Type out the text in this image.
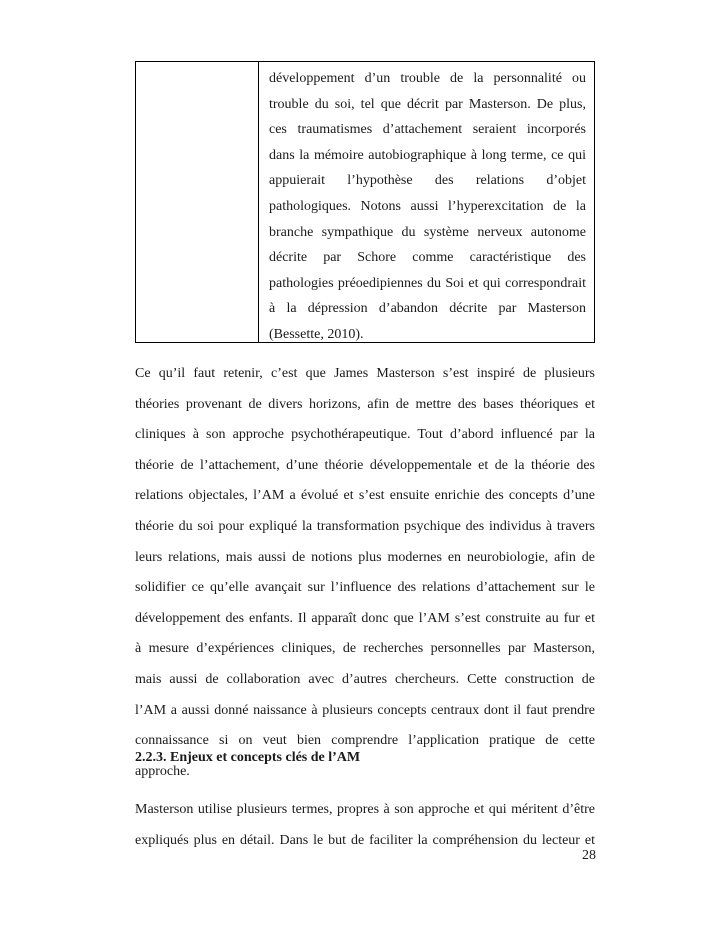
développement d’un trouble de la personnalité ou
trouble du soi, tel que décrit par Masterson. De plus,
ces traumatismes d’attachement seraient incorporés
dans la mémoire autobiographique à long terme, ce qui
appuierait l’hypothèse des relations d’objet
pathologiques. Notons aussi l’hyperexcitation de la
branche sympathique du système nerveux autonome
décrite par Schore comme caractéristique des
pathologies préoedipiennes du Soi et qui correspondrait
à la dépression d’abandon décrite par Masterson
(Bessette, 2010).
Ce qu’il faut retenir, c’est que James Masterson s’est inspiré de plusieurs
théories provenant de divers horizons, afin de mettre des bases théoriques et
cliniques à son approche psychothérapeutique. Tout d’abord influencé par la
théorie de l’attachement, d’une théorie développementale et de la théorie des
relations objectales, l’AM a évolué et s’est ensuite enrichie des concepts d’une
théorie du soi pour expliqué la transformation psychique des individus à travers
leurs relations, mais aussi de notions plus modernes en neurobiologie, afin de
solidifier ce qu’elle avançait sur l’influence des relations d’attachement sur le
développement des enfants. Il apparaît donc que l’AM s’est construite au fur et
à mesure d’expériences cliniques, de recherches personnelles par Masterson,
mais aussi de collaboration avec d’autres chercheurs. Cette construction de
l’AM a aussi donné naissance à plusieurs concepts centraux dont il faut prendre
connaissance si on veut bien comprendre l’application pratique de cette
approche.
2.2.3. Enjeux et concepts clés de l’AM
Masterson utilise plusieurs termes, propres à son approche et qui méritent d’être
expliqués plus en détail. Dans le but de faciliter la compréhension du lecteur et
28
